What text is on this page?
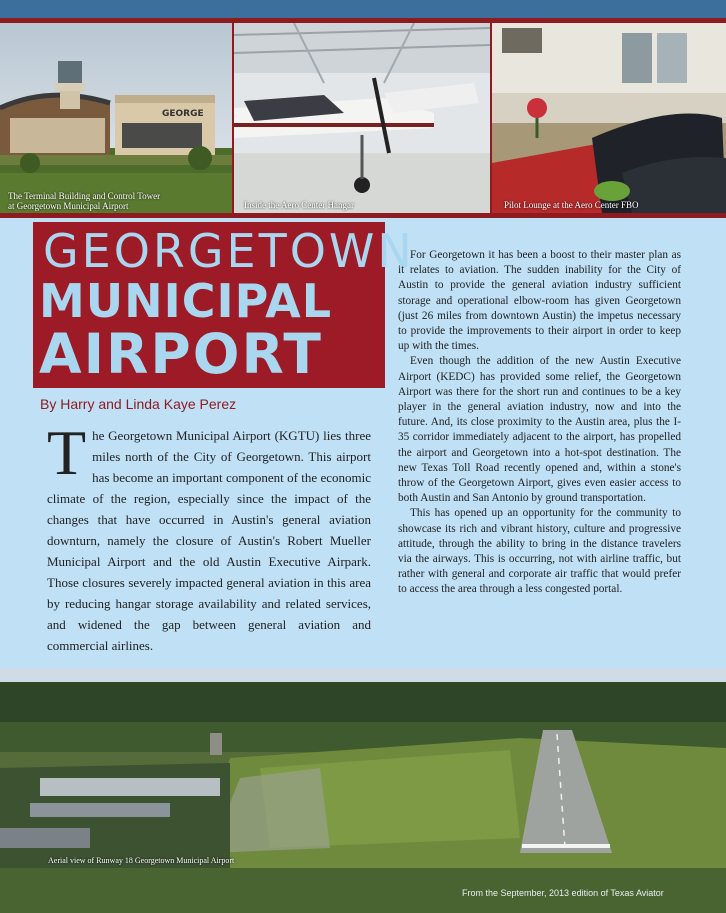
GEORGE
The Terminal Building and Control Tower
at Georgetown Municipal Airport	Inside the Aero Center Hangar	Pilot Lounge at the Aero Center FBO
GEORGETOWN
MUNICIPAL
AIRPORT
By Harry and Linda Kaye Perez
T he Georgetown Municipal Airport (KGTU) lies three miles north of the City of Georgetown. This airport has become an important component of the economic climate of the region, especially since the impact of the changes that have occurred in Austin's general aviation downturn, namely the closure of Austin's Robert Mueller Municipal Airport and the old Austin Executive Airpark. Those closures severely impacted general aviation in this area by reducing hangar storage availability and related services, and widened the gap between general aviation and commercial airlines.

For Georgetown it has been a boost to their master plan as it relates to aviation. The sudden inability for the City of Austin to provide the general aviation industry sufficient storage and operational elbow-room has given Georgetown (just 26 miles from downtown Austin) the impetus necessary to provide the improvements to their airport in order to keep up with the times.

Even though the addition of the new Austin Executive Airport (KEDC) has provided some relief, the Georgetown Airport was there for the short run and continues to be a key player in the general aviation industry, now and into the future. And, its close proximity to the Austin area, plus the I-35 corridor immediately adjacent to the airport, has propelled the airport and Georgetown into a hot-spot destination. The new Texas Toll Road recently opened and, within a stone's throw of the Georgetown Airport, gives even easier access to both Austin and San Antonio by ground transportation.

This has opened up an opportunity for the community to showcase its rich and vibrant history, culture and progressive attitude, through the ability to bring in the distance travelers via the airways. This is occurring, not with airline traffic, but rather with general and corporate air traffic that would prefer to access the area through a less congested portal.

Aerial view of Runway 18 Georgetown Municipal Airport
From the September, 2013 edition of Texas Aviator
